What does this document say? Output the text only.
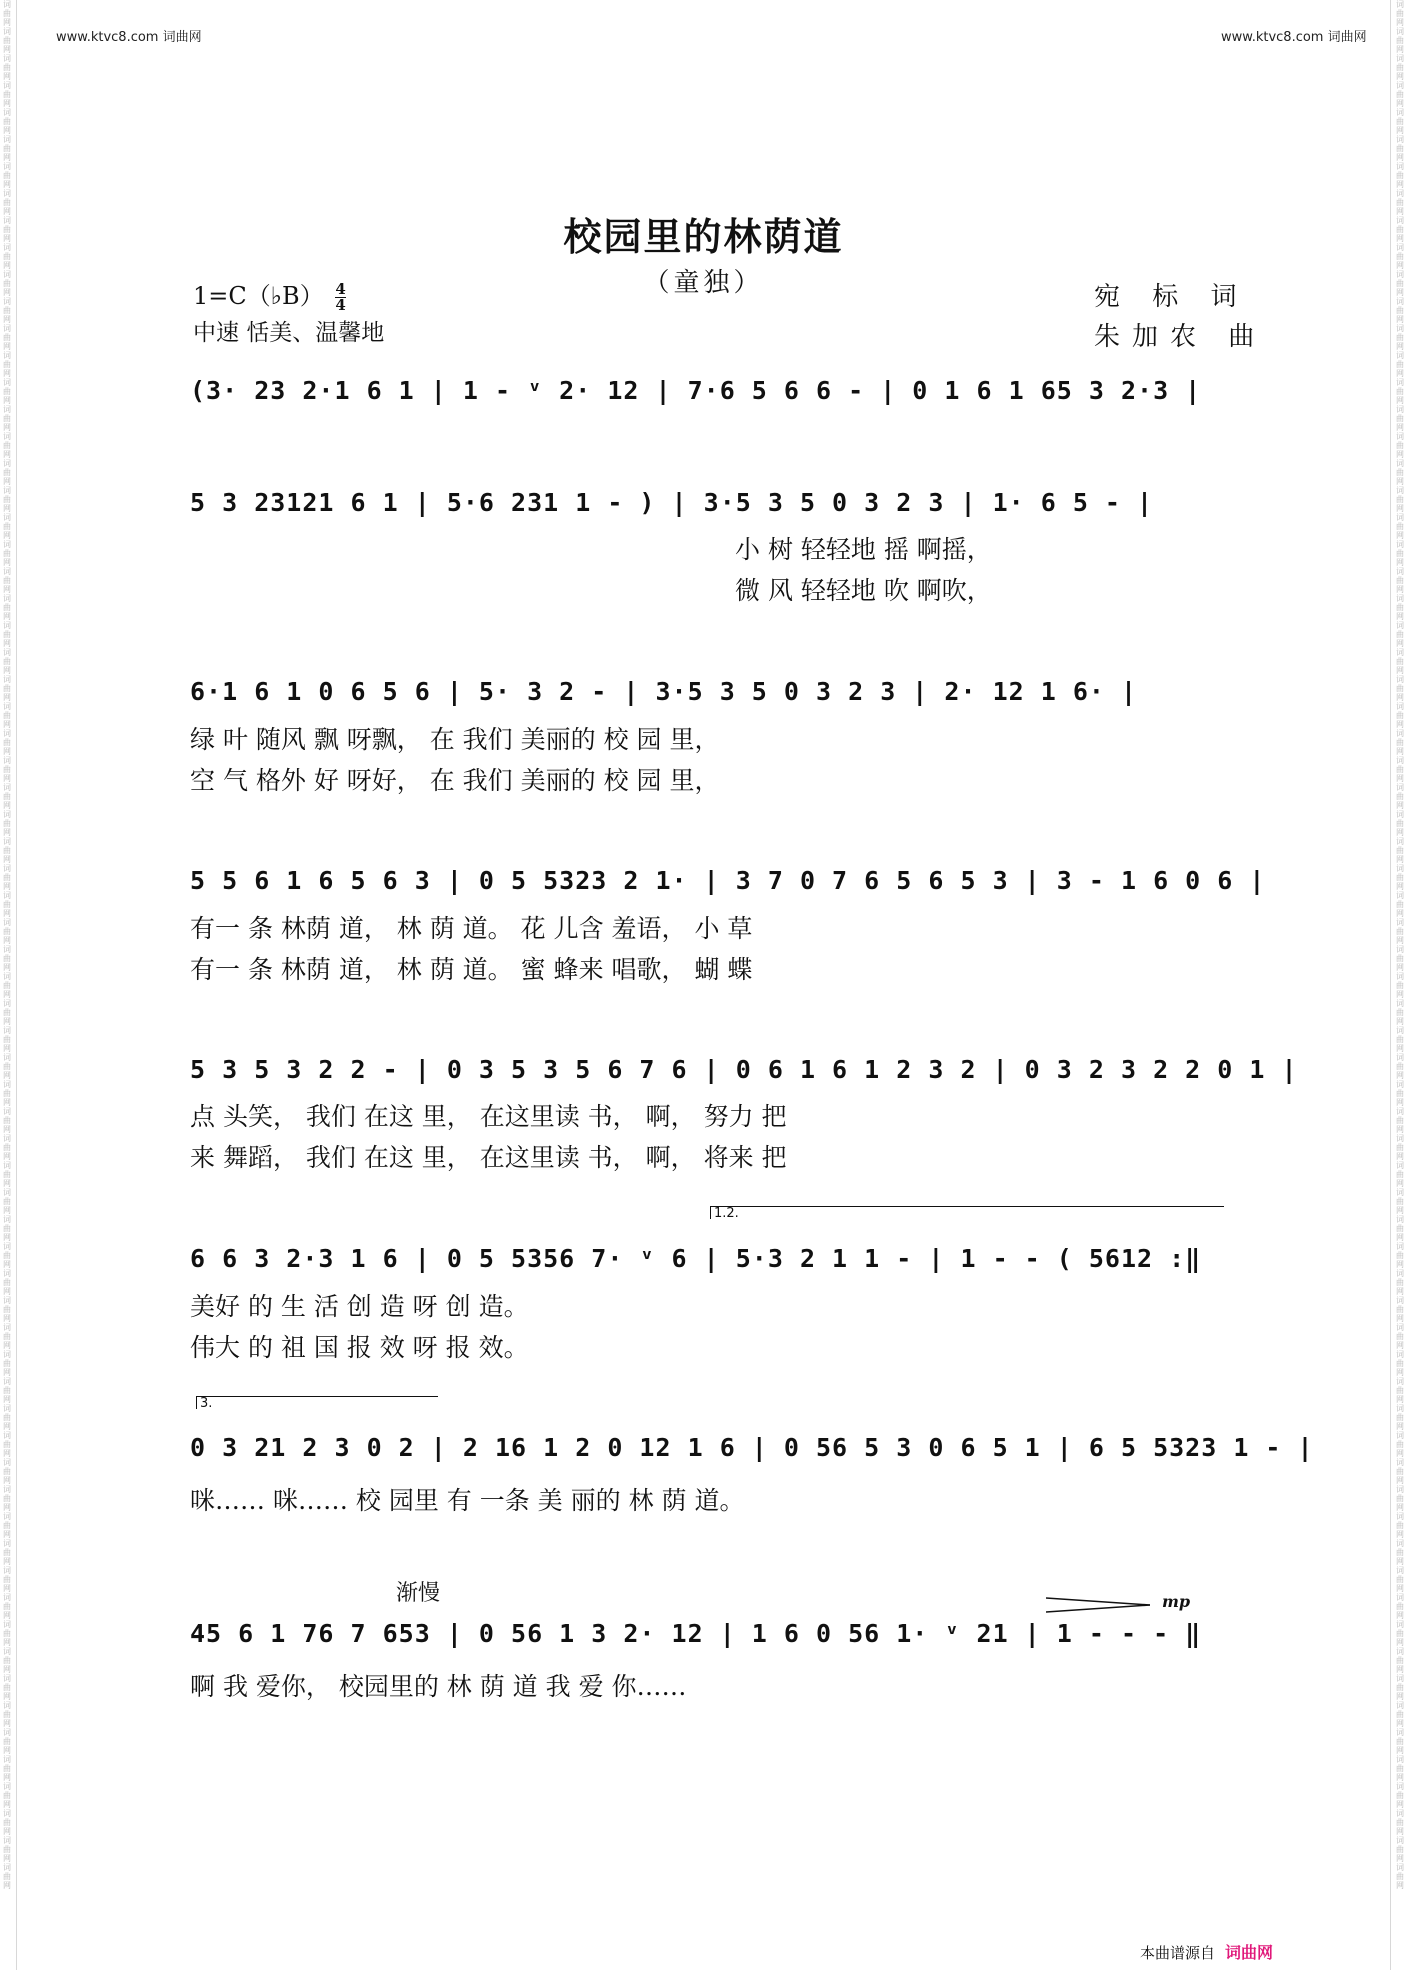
词
曲
网
词
曲
网
词
曲
网
词
曲
网
词
曲
网
词
曲
网
词
曲
网
词
曲
网
词
曲
网
词
曲
网
词
曲
网
词
曲
网
词
曲
网
词
曲
网
词
曲
网
词
曲
网
词
曲
网
词
曲
网
词
曲
网
词
曲
网
词
曲
网
词
曲
网
词
曲
网
词
曲
网
词
曲
网
词
曲
网
词
曲
网
词
曲
网
词
曲
网
词
曲
网
词
曲
网
词
曲
网
词
曲
网
词
曲
网
词
曲
网
词
曲
网
词
曲
网
词
曲
网
词
曲
网
词
曲
网
词
曲
网
词
曲
网
词
曲
网
词
曲
网
词
曲
网
词
曲
网
词
曲
网
词
曲
网
词
曲
网
词
曲
网
词
曲
网
词
曲
网
词
曲
网
词
曲
网
词
曲
网
词
曲
网
词
曲
网
词
曲
网
词
曲
网
词
曲
网
词
曲
网
词
曲
网
词
曲
网
词
曲
网
词
曲
网
词
曲
网
词
曲
网
词
曲
网
词
曲
网
词
曲
网
词
曲
网
词
曲
网
词
曲
网
词
曲
网
词
曲
网
词
曲
网
词
曲
网
词
曲
网
词
曲
网
词
曲
网
词
曲
网
词
曲
网
词
曲
网
词
曲
网
词
曲
网
词
曲
网
词
曲
网
词
曲
网
词
曲
网
词
曲
网
词
曲
网
词
曲
网
词
曲
网
词
曲
网
词
曲
网
词
曲
网
词
曲
网
词
曲
网
词
曲
网
词
曲
网
词
曲
网
词
曲
网
词
曲
网
词
曲
网
词
曲
网
词
曲
网
词
曲
网
词
曲
网
词
曲
网
词
曲
网
词
曲
网
词
曲
网
词
曲
网
词
曲
网
词
曲
网
词
曲
网
词
曲
网
词
曲
网
词
曲
网
词
曲
网
词
曲
网
词
曲
网
词
曲
网
词
曲
网
词
曲
网
词
曲
网
词
曲
网
词
曲
网
词
曲
网
词
曲
网
词
曲
网
词
曲
网
词
曲
网
词
曲
网
词
曲
网
词
曲
网
词
曲
网
词
曲
网
词
曲
网
词
曲
网
www.ktvc8.com 词曲网	www.ktvc8.com 词曲网
校园里的林荫道
（童独）
1=C（♭B） $\frac{4}{4}$
中速 恬美、温馨地
宛 标 词
朱加农 曲
(3· 23 2·1 6 1 | 1 - ᵛ 2· 12 | 7·6 5 6 6 - | 0 1 6 1 65 3 2·3 |
5 3 23121 6 1 | 5·6 231 1 - ) | 3·5 3 5 0 3 2 3 | 1· 6 5 - |
小 树 轻轻地 摇 啊摇，
微 风 轻轻地 吹 啊吹，
6·1 6 1 0 6 5 6 | 5· 3 2 - | 3·5 3 5 0 3 2 3 | 2· 12 1 6· |
绿 叶 随风 飘 呀飘， 在 我们 美丽的 校 园 里，
空 气 格外 好 呀好， 在 我们 美丽的 校 园 里，
5 5 6 1 6 5 6 3 | 0 5 5323 2 1· | 3 7 0 7 6 5 6 5 3 | 3 - 1 6 0 6 |
有一 条 林荫 道， 林 荫 道。 花 儿含 羞语， 小 草
有一 条 林荫 道， 林 荫 道。 蜜 蜂来 唱歌， 蝴 蝶
5 3 5 3 2 2 - | 0 3 5 3 5 6 7 6 | 0 6 1 6 1 2 3 2 | 0 3 2 3 2 2 0 1 |
点 头笑， 我们 在这 里， 在这里读 书， 啊， 努力 把
来 舞蹈， 我们 在这 里， 在这里读 书， 啊， 将来 把
1.2.
6 6 3 2·3 1 6 | 0 5 5356 7· ᵛ 6 | 5·3 2 1 1 - | 1 - - ( 5612 :‖
美好 的 生 活 创 造 呀 创 造。
伟大 的 祖 国 报 效 呀 报 效。
3.
0 3 21 2 3 0 2 | 2 16 1 2 0 12 1 6 | 0 56 5 3 0 6 5 1 | 6 5 5323 1 - |
咪…… 咪…… 校 园里 有 一条 美 丽的 林 荫 道。
渐慢	mp
45 6 1 76 7 653 | 0 56 1 3 2· 12 | 1 6 0 56 1· ᵛ 21 | 1 - - - ‖
啊 我 爱你， 校园里的 林 荫 道 我 爱 你……
本曲谱源自 词曲网
